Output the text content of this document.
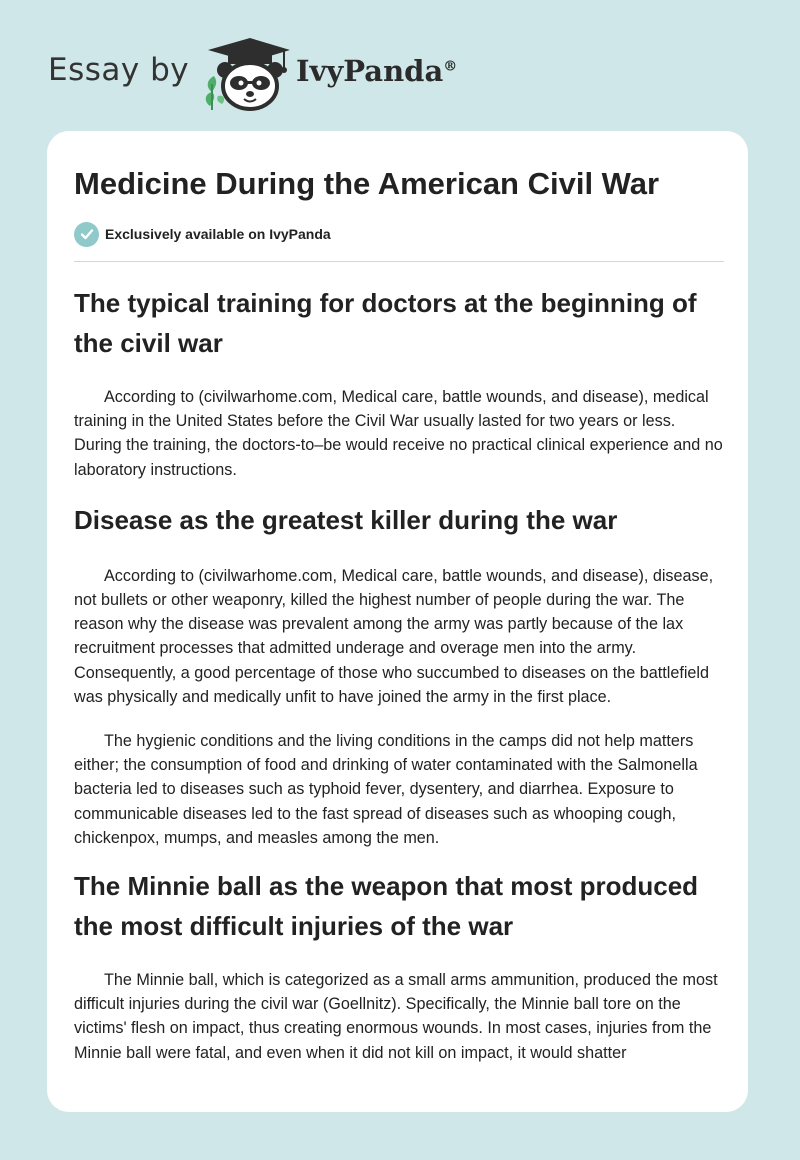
Essay by	IvyPanda®
Medicine During the American Civil War
Exclusively available on IvyPanda
The typical training for doctors at the beginning of the civil war

According to (civilwarhome.com, Medical care, battle wounds, and disease), medical training in the United States before the Civil War usually lasted for two years or less. During the training, the doctors-to–be would receive no practical clinical experience and no laboratory instructions.

Disease as the greatest killer during the war

According to (civilwarhome.com, Medical care, battle wounds, and disease), disease, not bullets or other weaponry, killed the highest number of people during the war. The reason why the disease was prevalent among the army was partly because of the lax recruitment processes that admitted underage and overage men into the army. Consequently, a good percentage of those who succumbed to diseases on the battlefield was physically and medically unfit to have joined the army in the first place.

The hygienic conditions and the living conditions in the camps did not help matters either; the consumption of food and drinking of water contaminated with the Salmonella bacteria led to diseases such as typhoid fever, dysentery, and diarrhea. Exposure to communicable diseases led to the fast spread of diseases such as whooping cough, chickenpox, mumps, and measles among the men.

The Minnie ball as the weapon that most produced the most difficult injuries of the war

The Minnie ball, which is categorized as a small arms ammunition, produced the most difficult injuries during the civil war (Goellnitz). Specifically, the Minnie ball tore on the victims' flesh on impact, thus creating enormous wounds. In most cases, injuries from the Minnie ball were fatal, and even when it did not kill on impact, it would shatter
